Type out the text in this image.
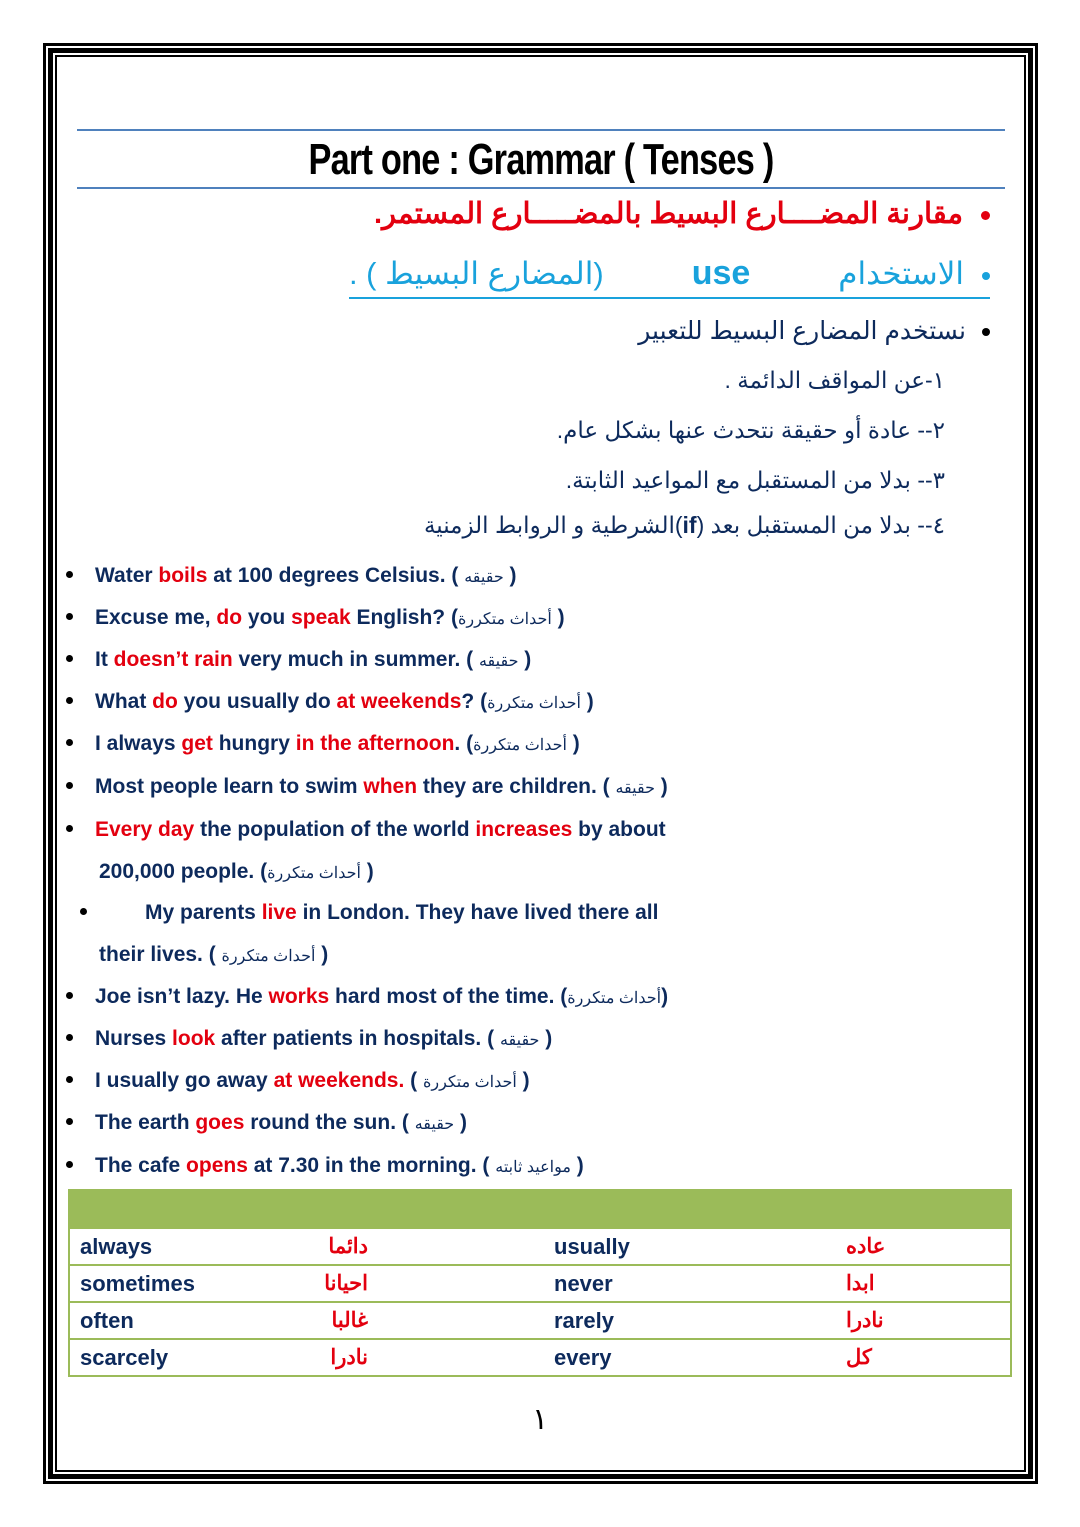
Part one : Grammar ( Tenses )
مقارنة المضــــارع البسيط بالمضـــــارع المستمر.
الاستخدامuse(المضارع البسيط ) .
نستخدم المضارع البسيط للتعبير
١-عن المواقف الدائمة .
٢-- عادة أو حقيقة نتحدث عنها بشكل عام.
٣-- بدلا من المستقبل مع المواعيد الثابتة.
٤-- بدلا من المستقبل بعد (if)الشرطية و الروابط الزمنية
Water boils at 100 degrees Celsius. ( حقيقه )
Excuse me, do you speak English? (أحداث متكررة )
It doesn’t rain very much in summer. ( حقيقه )
What do you usually do at weekends? (أحداث متكررة )
I always get hungry in the afternoon. (أحداث متكررة )
Most people learn to swim when they are children. ( حقيقه )
Every day the population of the world increases by about
200,000 people. (أحداث متكررة )
My parents live in London. They have lived there all
their lives. ( أحداث متكررة )
Joe isn’t lazy. He works hard most of the time. (أحداث متكررة)
Nurses look after patients in hospitals. ( حقيقه )
I usually go away at weekends. ( أحداث متكررة )
The earth goes round the sun. ( حقيقه )
The cafe opens at 7.30 in the morning. ( مواعيد ثابته )

always	دائما	usually	عاده
sometimes	احيانا	never	ابدا
often	غالبا	rarely	نادرا
scarcely	نادرا	every	كل
١
